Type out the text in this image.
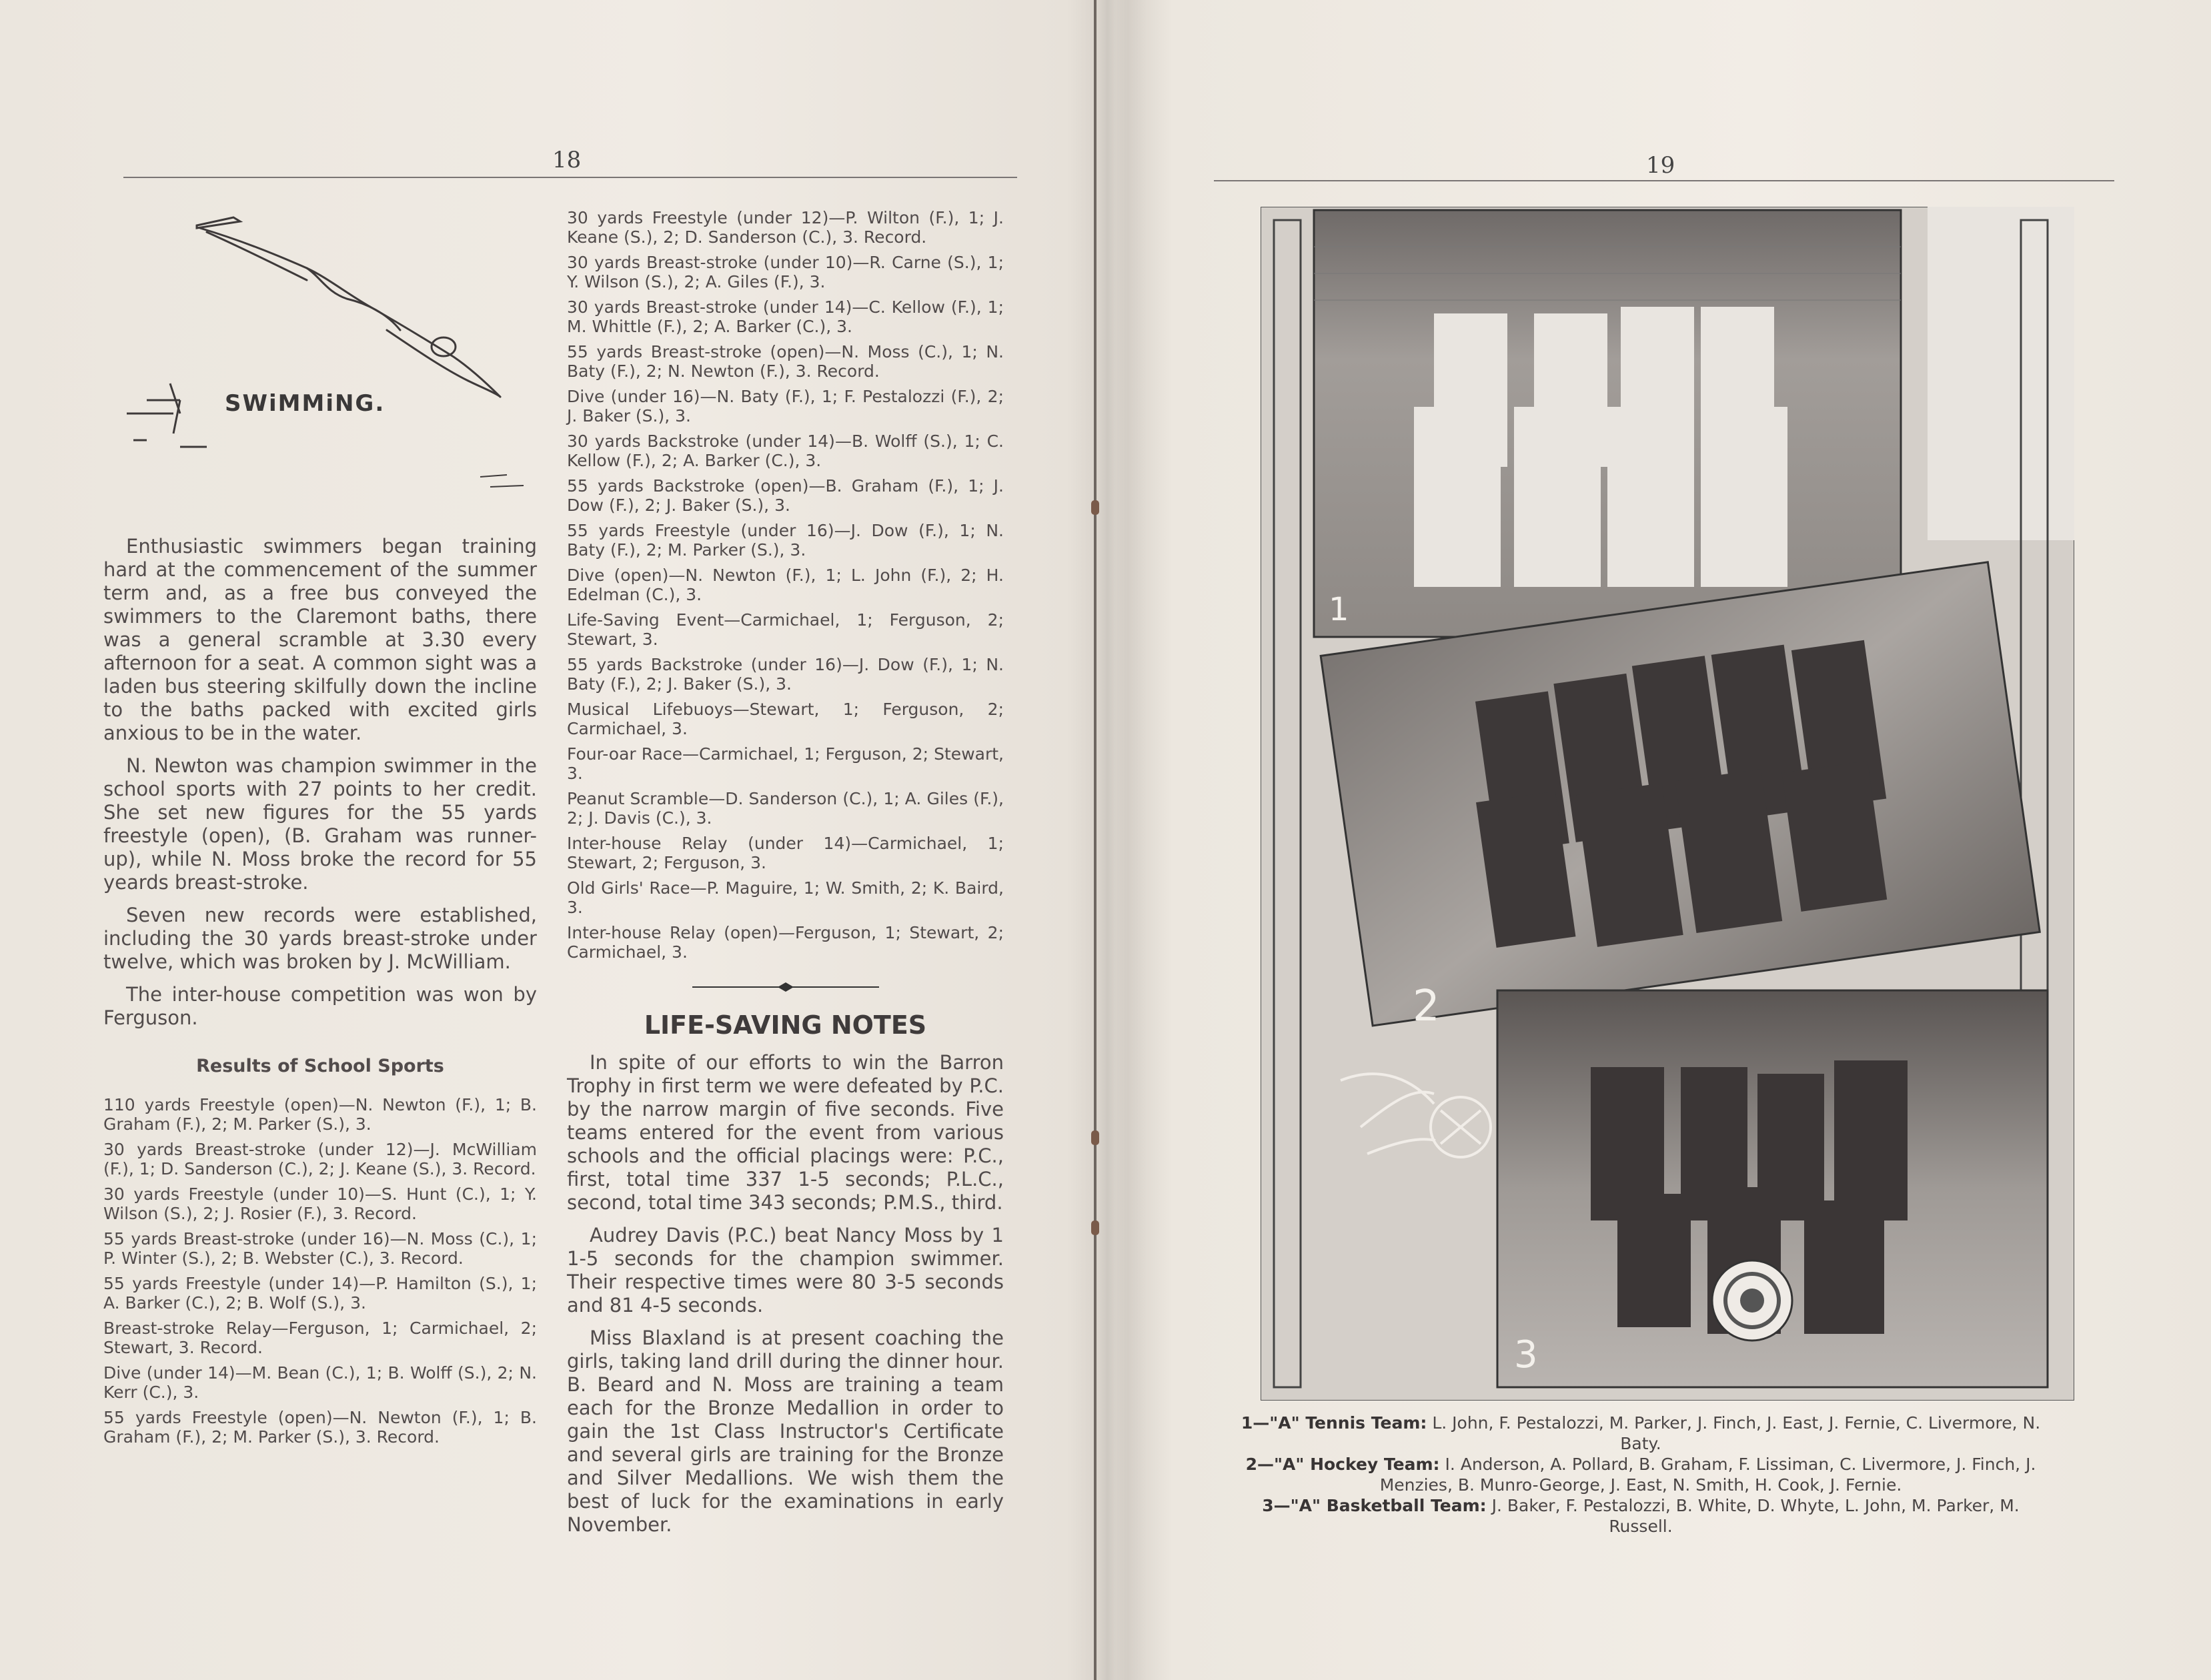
18
SWiMMiNG.

Enthusiastic swimmers began training hard at the commencement of the summer term and, as a free bus conveyed the swimmers to the Claremont baths, there was a general scramble at 3.30 every afternoon for a seat. A common sight was a laden bus steering skilfully down the incline to the baths packed with excited girls anxious to be in the water.

N. Newton was champion swimmer in the school sports with 27 points to her credit. She set new figures for the 55 yards freestyle (open), (B. Graham was runner-up), while N. Moss broke the record for 55 yeards breast-stroke.

Seven new records were established, including the 30 yards breast-stroke under twelve, which was broken by J. McWilliam.

The inter-house competition was won by Ferguson.

Results of School Sports

110 yards Freestyle (open)—N. Newton (F.), 1; B. Graham (F.), 2; M. Parker (S.), 3.

30 yards Breast-stroke (under 12)—J. McWilliam (F.), 1; D. Sanderson (C.), 2; J. Keane (S.), 3. Record.

30 yards Freestyle (under 10)—S. Hunt (C.), 1; Y. Wilson (S.), 2; J. Rosier (F.), 3. Record.

55 yards Breast-stroke (under 16)—N. Moss (C.), 1; P. Winter (S.), 2; B. Webster (C.), 3. Record.

55 yards Freestyle (under 14)—P. Hamilton (S.), 1; A. Barker (C.), 2; B. Wolf (S.), 3.

Breast-stroke Relay—Ferguson, 1; Carmichael, 2; Stewart, 3. Record.

Dive (under 14)—M. Bean (C.), 1; B. Wolff (S.), 2; N. Kerr (C.), 3.

55 yards Freestyle (open)—N. Newton (F.), 1; B. Graham (F.), 2; M. Parker (S.), 3. Record.

30 yards Freestyle (under 12)—P. Wilton (F.), 1; J. Keane (S.), 2; D. Sanderson (C.), 3. Record.

30 yards Breast-stroke (under 10)—R. Carne (S.), 1; Y. Wilson (S.), 2; A. Giles (F.), 3.

30 yards Breast-stroke (under 14)—C. Kellow (F.), 1; M. Whittle (F.), 2; A. Barker (C.), 3.

55 yards Breast-stroke (open)—N. Moss (C.), 1; N. Baty (F.), 2; N. Newton (F.), 3. Record.

Dive (under 16)—N. Baty (F.), 1; F. Pestalozzi (F.), 2; J. Baker (S.), 3.

30 yards Backstroke (under 14)—B. Wolff (S.), 1; C. Kellow (F.), 2; A. Barker (C.), 3.

55 yards Backstroke (open)—B. Graham (F.), 1; J. Dow (F.), 2; J. Baker (S.), 3.

55 yards Freestyle (under 16)—J. Dow (F.), 1; N. Baty (F.), 2; M. Parker (S.), 3.

Dive (open)—N. Newton (F.), 1; L. John (F.), 2; H. Edelman (C.), 3.

Life-Saving Event—Carmichael, 1; Ferguson, 2; Stewart, 3.

55 yards Backstroke (under 16)—J. Dow (F.), 1; N. Baty (F.), 2; J. Baker (S.), 3.

Musical Lifebuoys—Stewart, 1; Ferguson, 2; Carmichael, 3.

Four-oar Race—Carmichael, 1; Ferguson, 2; Stewart, 3.

Peanut Scramble—D. Sanderson (C.), 1; A. Giles (F.), 2; J. Davis (C.), 3.

Inter-house Relay (under 14)—Carmichael, 1; Stewart, 2; Ferguson, 3.

Old Girls' Race—P. Maguire, 1; W. Smith, 2; K. Baird, 3.

Inter-house Relay (open)—Ferguson, 1; Stewart, 2; Carmichael, 3.

LIFE-SAVING NOTES

In spite of our efforts to win the Barron Trophy in first term we were defeated by P.C. by the narrow margin of five seconds. Five teams entered for the event from various schools and the official placings were: P.C., first, total time 337 1-5 seconds; P.L.C., second, total time 343 seconds; P.M.S., third.

Audrey Davis (P.C.) beat Nancy Moss by 1 1-5 seconds for the champion swimmer. Their respective times were 80 3-5 seconds and 81 4-5 seconds.

Miss Blaxland is at present coaching the girls, taking land drill during the dinner hour. B. Beard and N. Moss are training a team each for the Bronze Medallion in order to gain the 1st Class Instructor's Certificate and several girls are training for the Bronze and Silver Medallions. We wish them the best of luck for the examinations in early November.

19
1
2
3
1—"A" Tennis Team: L. John, F. Pestalozzi, M. Parker, J. Finch, J. East, J. Fernie, C. Livermore, N. Baty.
2—"A" Hockey Team: I. Anderson, A. Pollard, B. Graham, F. Lissiman, C. Livermore, J. Finch, J. Menzies, B. Munro-George, J. East, N. Smith, H. Cook, J. Fernie.
3—"A" Basketball Team: J. Baker, F. Pestalozzi, B. White, D. Whyte, L. John, M. Parker, M. Russell.
